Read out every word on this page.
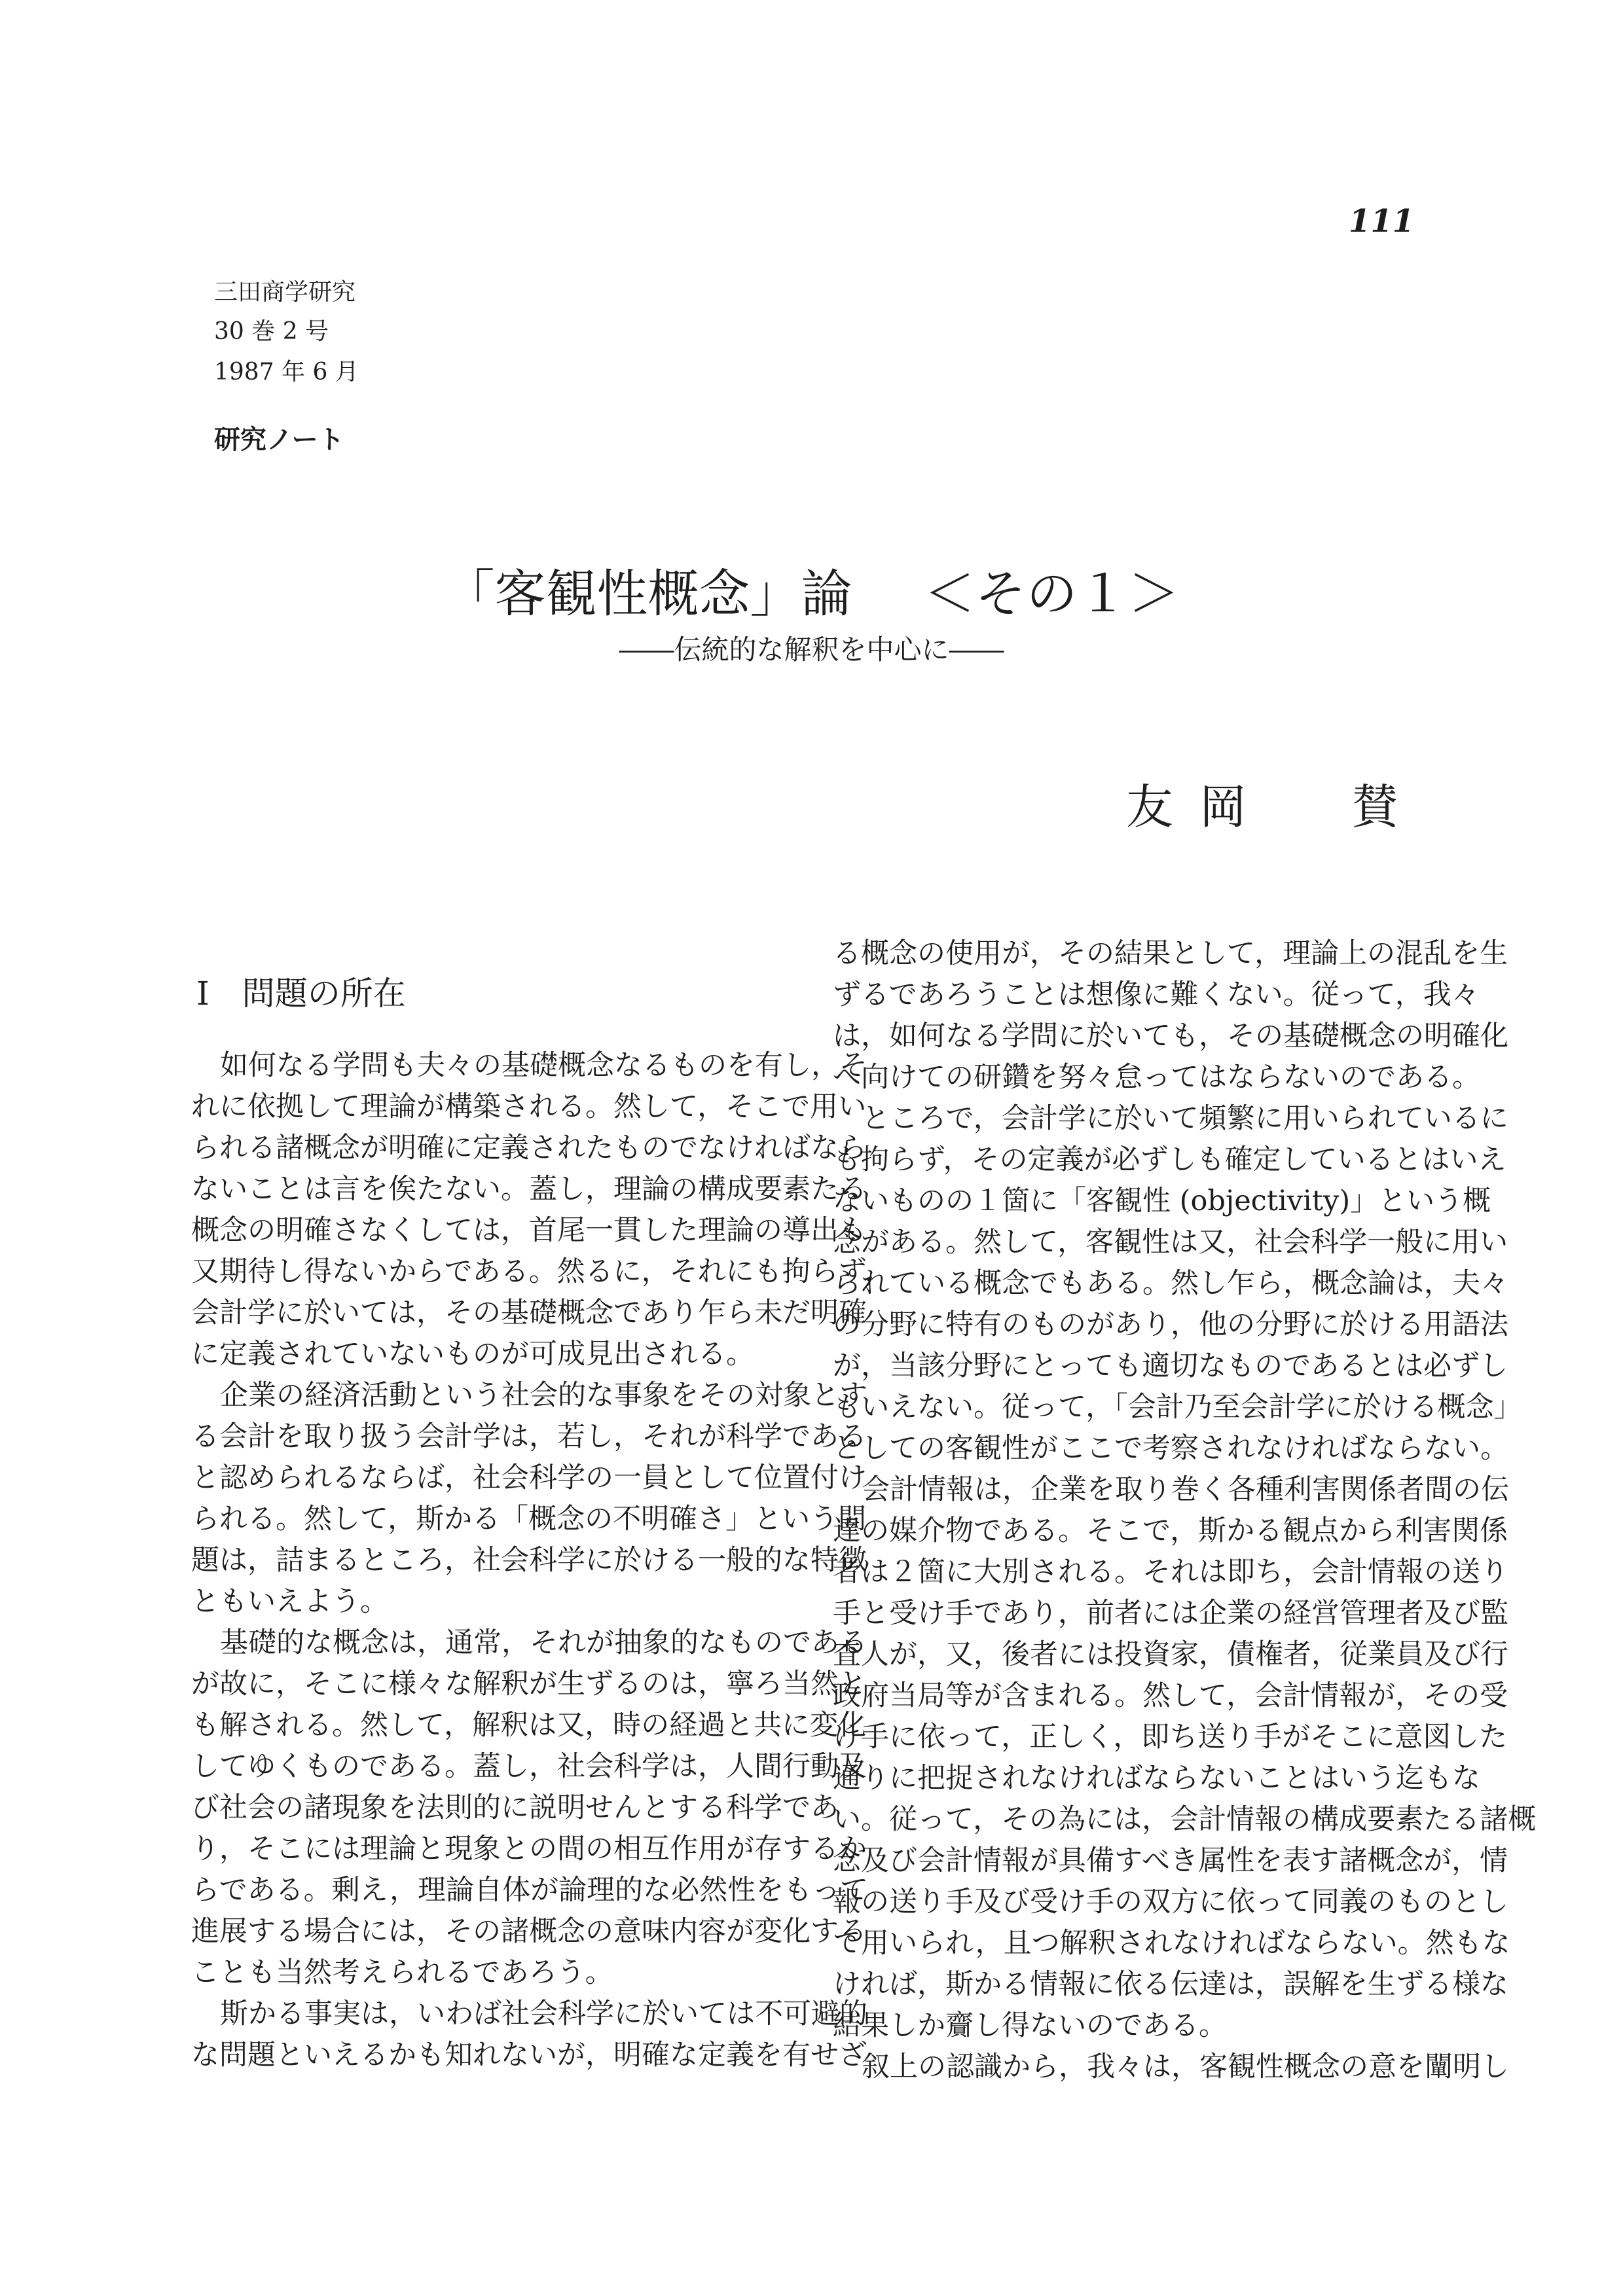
111
三田商学研究
30 巻 2 号
1987 年 6 月
研究ノート
「客観性概念」論 ＜その１＞
――伝統的な解釈を中心に――
友岡 賛
I 問題の所在
如何なる学問も夫々の基礎概念なるものを有し，そ
れに依拠して理論が構築される。然して，そこで用い
られる諸概念が明確に定義されたものでなければなら
ないことは言を俟たない。蓋し，理論の構成要素たる
概念の明確さなくしては，首尾一貫した理論の導出も
又期待し得ないからである。然るに，それにも拘らず，
会計学に於いては，その基礎概念であり乍ら未だ明確
に定義されていないものが可成見出される。
企業の経済活動という社会的な事象をその対象とす
る会計を取り扱う会計学は，若し，それが科学である
と認められるならば，社会科学の一員として位置付け
られる。然して，斯かる「概念の不明確さ」という問
題は，詰まるところ，社会科学に於ける一般的な特徴
ともいえよう。
基礎的な概念は，通常，それが抽象的なものである
が故に，そこに様々な解釈が生ずるのは，寧ろ当然と
も解される。然して，解釈は又，時の経過と共に変化
してゆくものである。蓋し，社会科学は，人間行動及
び社会の諸現象を法則的に説明せんとする科学であ
り，そこには理論と現象との間の相互作用が存するか
らである。剰え，理論自体が論理的な必然性をもって
進展する場合には，その諸概念の意味内容が変化する
ことも当然考えられるであろう。
斯かる事実は，いわば社会科学に於いては不可避的
な問題といえるかも知れないが，明確な定義を有せざ
る概念の使用が，その結果として，理論上の混乱を生
ずるであろうことは想像に難くない。従って，我々
は，如何なる学問に於いても，その基礎概念の明確化
へ向けての研鑽を努々怠ってはならないのである。
ところで，会計学に於いて頻繁に用いられているに
も拘らず，その定義が必ずしも確定しているとはいえ
ないものの１箇に「客観性 (objectivity)」という概
念がある。然して，客観性は又，社会科学一般に用い
られている概念でもある。然し乍ら，概念論は，夫々
の分野に特有のものがあり，他の分野に於ける用語法
が，当該分野にとっても適切なものであるとは必ずし
もいえない。従って，「会計乃至会計学に於ける概念」
としての客観性がここで考察されなければならない。
会計情報は，企業を取り巻く各種利害関係者間の伝
達の媒介物である。そこで，斯かる観点から利害関係
者は２箇に大別される。それは即ち，会計情報の送り
手と受け手であり，前者には企業の経営管理者及び監
査人が，又，後者には投資家，債権者，従業員及び行
政府当局等が含まれる。然して，会計情報が，その受
け手に依って，正しく，即ち送り手がそこに意図した
通りに把捉されなければならないことはいう迄もな
い。従って，その為には，会計情報の構成要素たる諸概
念及び会計情報が具備すべき属性を表す諸概念が，情
報の送り手及び受け手の双方に依って同義のものとし
て用いられ，且つ解釈されなければならない。然もな
ければ，斯かる情報に依る伝達は，誤解を生ずる様な
結果しか齎し得ないのである。
叙上の認識から，我々は，客観性概念の意を闡明し
